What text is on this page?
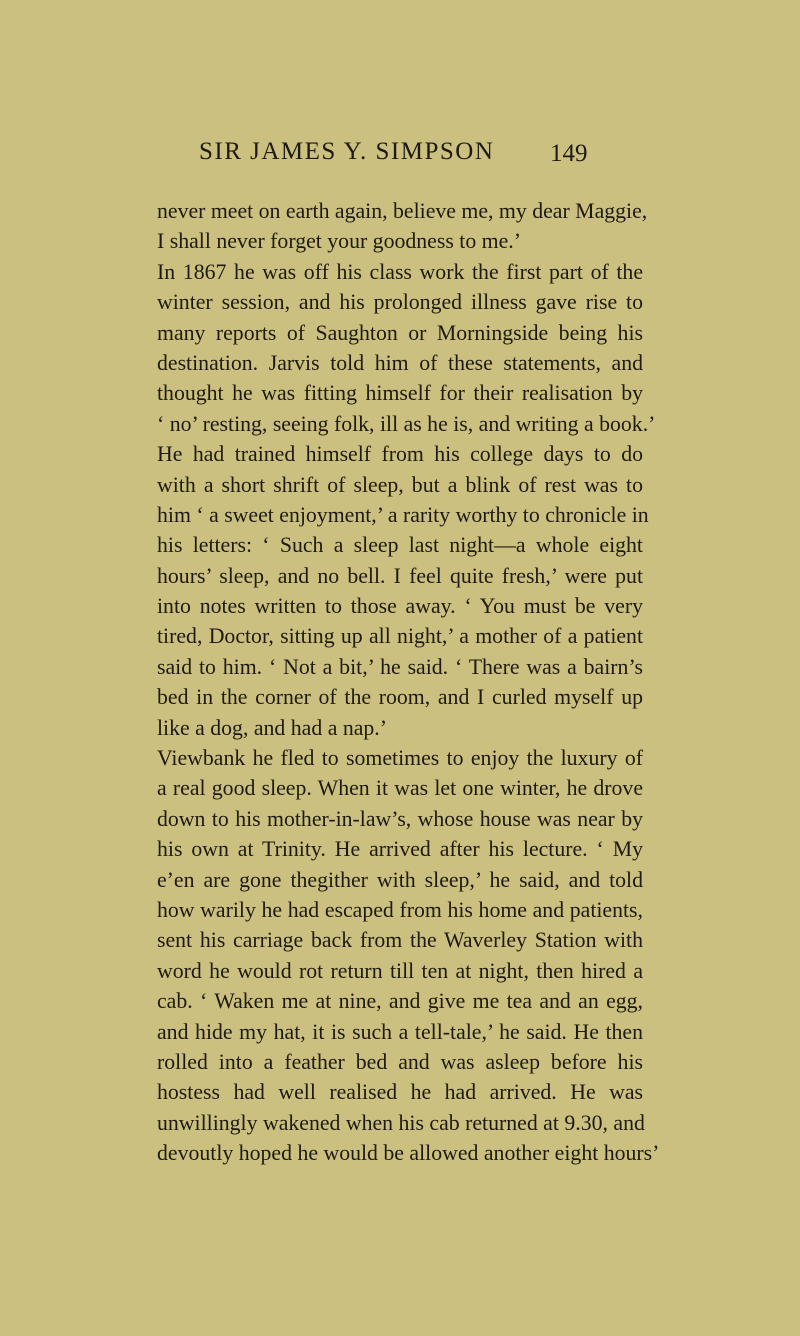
SIR JAMES Y. SIMPSON 149
never meet on earth again, believe me, my dear Maggie,
I shall never forget your goodness to me.’
In 1867 he was off his class work the first part of the
winter session, and his prolonged illness gave rise to
many reports of Saughton or Morningside being his
destination. Jarvis told him of these statements, and
thought he was fitting himself for their realisation by
‘ no’ resting, seeing folk, ill as he is, and writing a book.’
He had trained himself from his college days to do
with a short shrift of sleep, but a blink of rest was to
him ‘ a sweet enjoyment,’ a rarity worthy to chronicle in
his letters: ‘ Such a sleep last night—a whole eight
hours’ sleep, and no bell. I feel quite fresh,’ were put
into notes written to those away. ‘ You must be very
tired, Doctor, sitting up all night,’ a mother of a patient
said to him. ‘ Not a bit,’ he said. ‘ There was a bairn’s
bed in the corner of the room, and I curled myself up
like a dog, and had a nap.’
Viewbank he fled to sometimes to enjoy the luxury of
a real good sleep. When it was let one winter, he drove
down to his mother-in-law’s, whose house was near by
his own at Trinity. He arrived after his lecture. ‘ My
e’en are gone thegither with sleep,’ he said, and told
how warily he had escaped from his home and patients,
sent his carriage back from the Waverley Station with
word he would rot return till ten at night, then hired a
cab. ‘ Waken me at nine, and give me tea and an egg,
and hide my hat, it is such a tell-tale,’ he said. He then
rolled into a feather bed and was asleep before his
hostess had well realised he had arrived. He was
unwillingly wakened when his cab returned at 9.30, and
devoutly hoped he would be allowed another eight hours’
